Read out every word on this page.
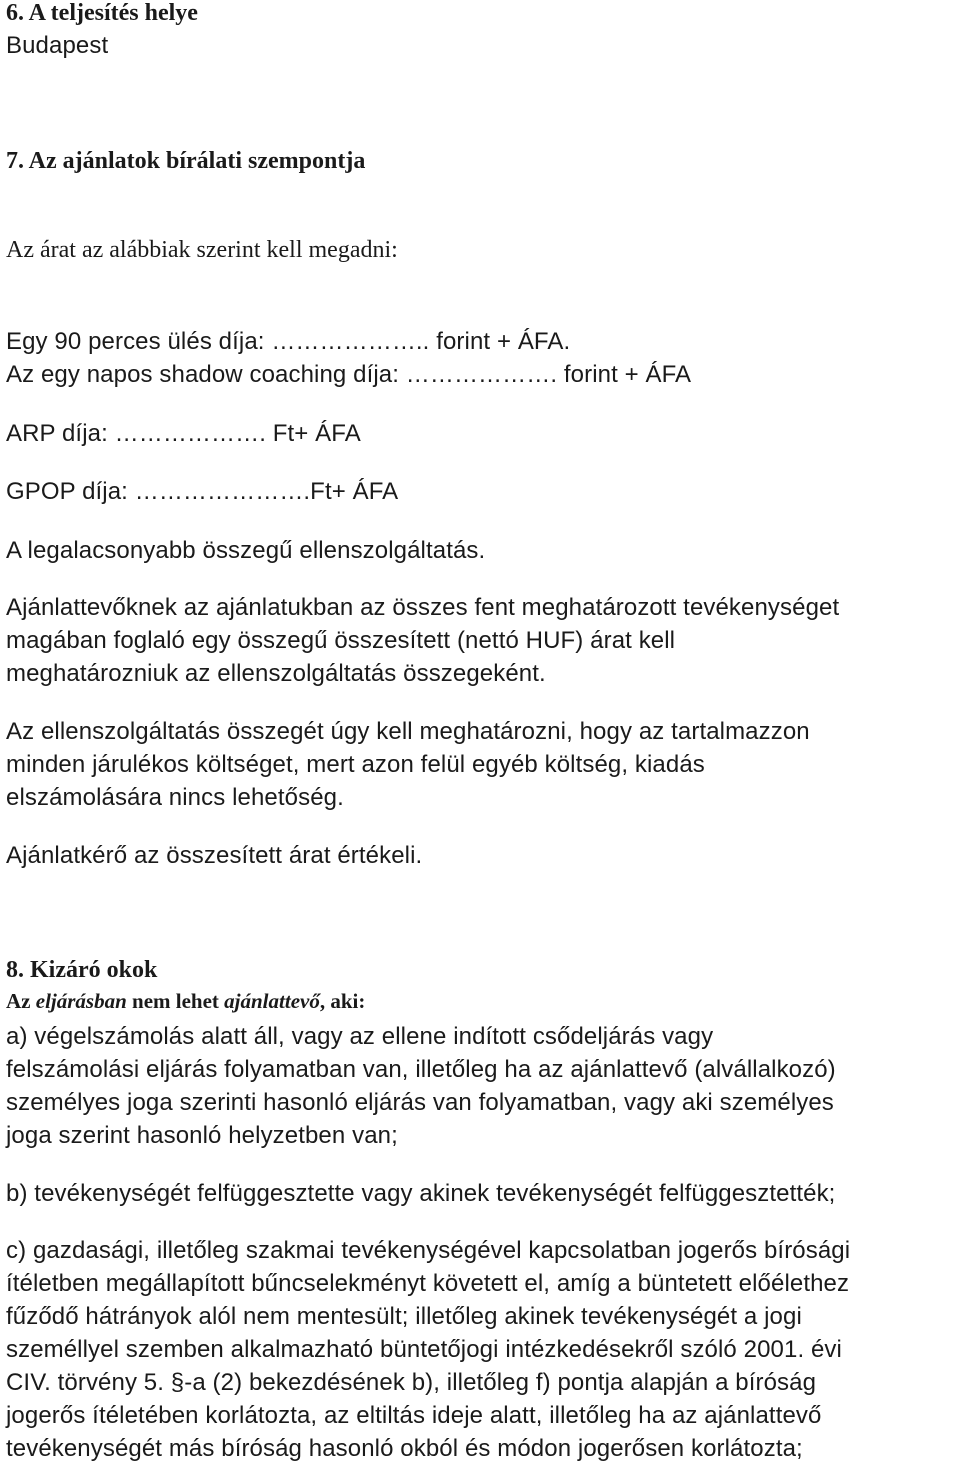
6. A teljesítés helye
Budapest
7. Az ajánlatok bírálati szempontja
Az árat az alábbiak szerint kell megadni:
Egy 90 perces ülés díja: ……………….. forint + ÁFA.
Az egy napos shadow coaching díja: ………………. forint + ÁFA
ARP díja: ………………. Ft+ ÁFA
GPOP díja: ………………….Ft+ ÁFA
A legalacsonyabb összegű ellenszolgáltatás.
Ajánlattevőknek az ajánlatukban az összes fent meghatározott tevékenységet
magában foglaló egy összegű összesített (nettó HUF) árat kell
meghatározniuk az ellenszolgáltatás összegeként.
Az ellenszolgáltatás összegét úgy kell meghatározni, hogy az tartalmazzon
minden járulékos költséget, mert azon felül egyéb költség, kiadás
elszámolására nincs lehetőség.
Ajánlatkérő az összesített árat értékeli.
8. Kizáró okok
Az eljárásban nem lehet ajánlattevő, aki:
a) végelszámolás alatt áll, vagy az ellene indított csődeljárás vagy
felszámolási eljárás folyamatban van, illetőleg ha az ajánlattevő (alvállalkozó)
személyes joga szerinti hasonló eljárás van folyamatban, vagy aki személyes
joga szerint hasonló helyzetben van;
b) tevékenységét felfüggesztette vagy akinek tevékenységét felfüggesztették;
c) gazdasági, illetőleg szakmai tevékenységével kapcsolatban jogerős bírósági
ítéletben megállapított bűncselekményt követett el, amíg a büntetett előélethez
fűződő hátrányok alól nem mentesült; illetőleg akinek tevékenységét a jogi
személlyel szemben alkalmazható büntetőjogi intézkedésekről szóló 2001. évi
CIV. törvény 5. §-a (2) bekezdésének b), illetőleg f) pontja alapján a bíróság
jogerős ítéletében korlátozta, az eltiltás ideje alatt, illetőleg ha az ajánlattevő
tevékenységét más bíróság hasonló okból és módon jogerősen korlátozta;
